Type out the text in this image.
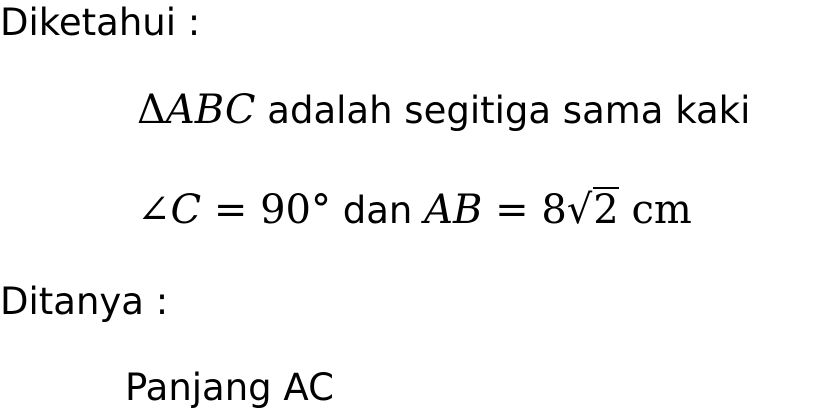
Diketahui :
ΔABC adalah segitiga sama kaki
∠C = 90° dan AB = 8√2 cm
Ditanya :
Panjang AC
